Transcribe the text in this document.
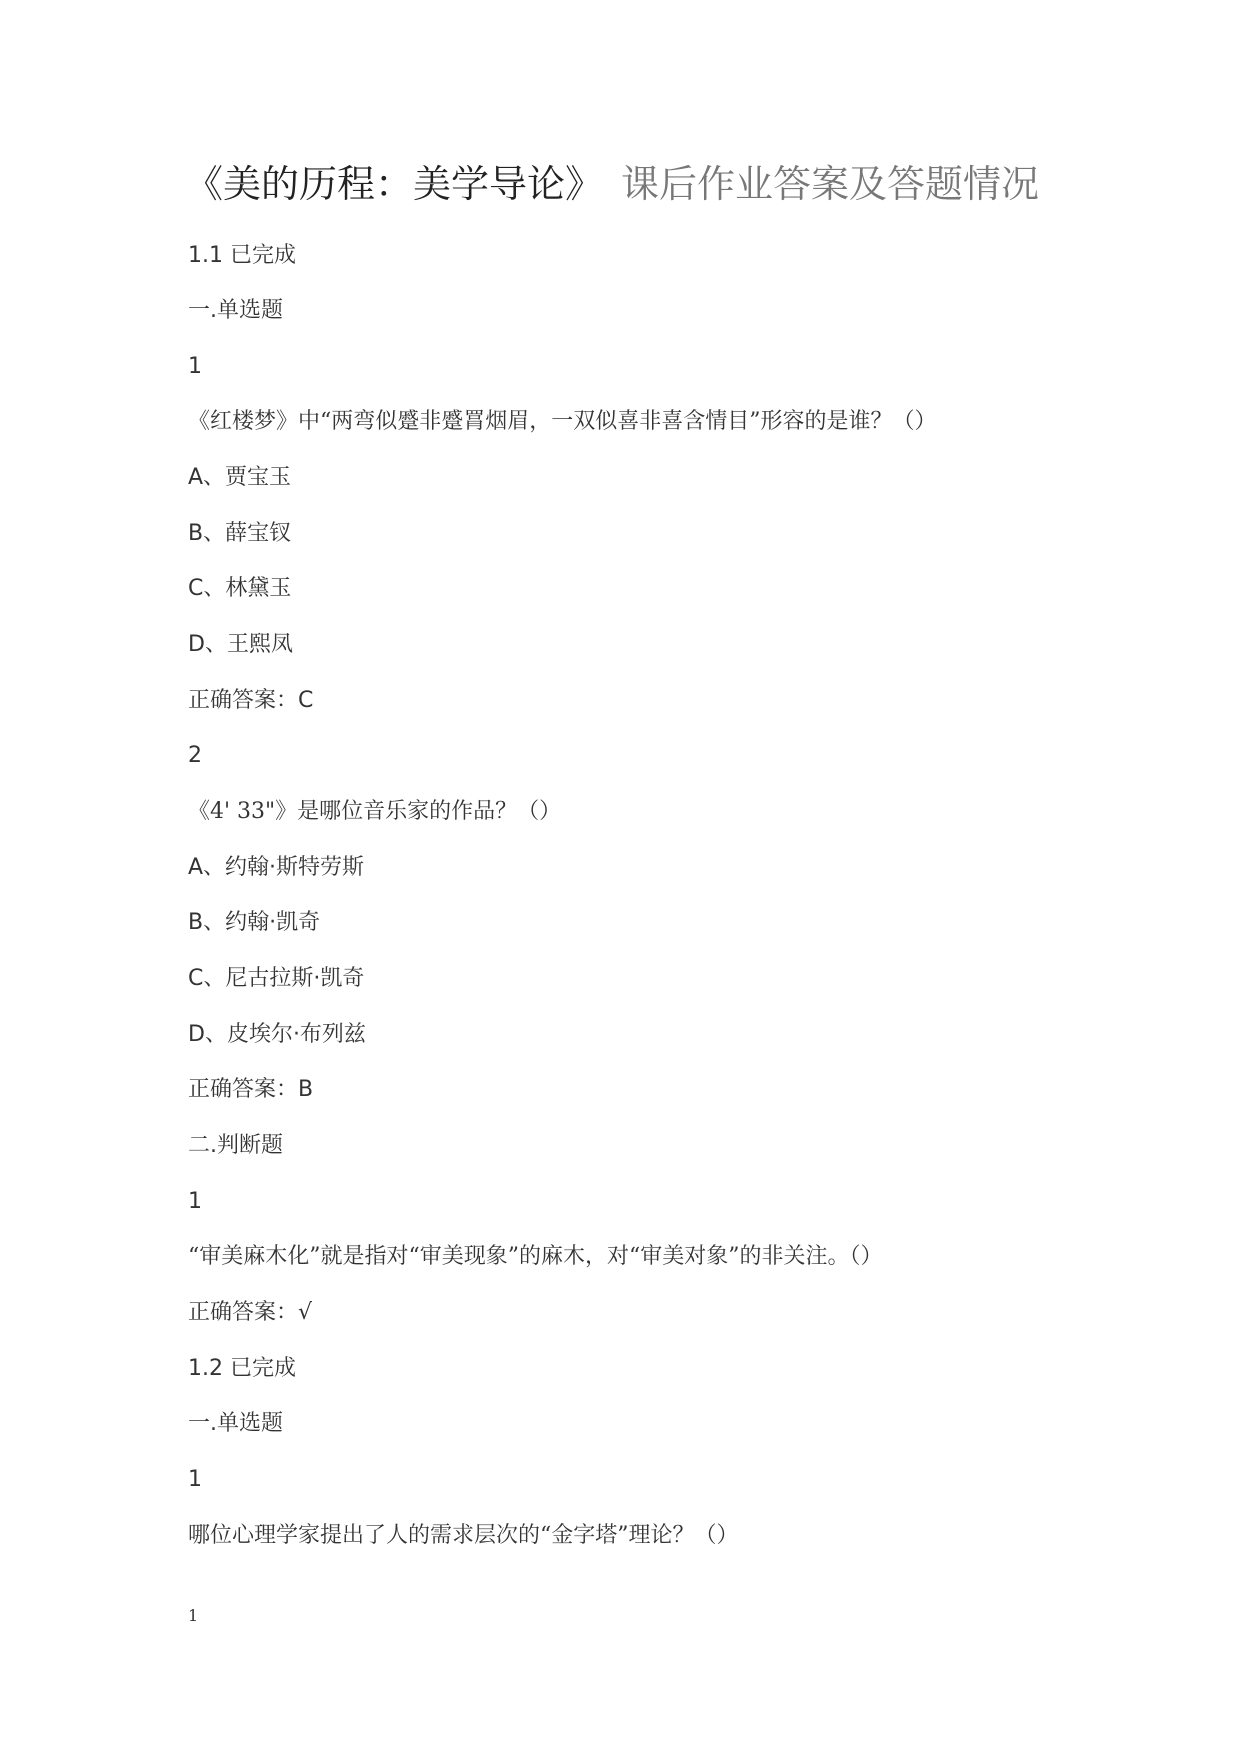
《美的历程：美学导论》 课后作业答案及答题情况
1.1 已完成
一.单选题
1
《红楼梦》中“两弯似蹙非蹙罥烟眉，一双似喜非喜含情目”形容的是谁？（）
A、贾宝玉
B、薛宝钗
C、林黛玉
D、王熙凤
正确答案：C
2
《4' 33"》是哪位音乐家的作品？（）
A、约翰·斯特劳斯
B、约翰·凯奇
C、尼古拉斯·凯奇
D、皮埃尔·布列兹
正确答案：B
二.判断题
1
“审美麻木化”就是指对“审美现象”的麻木，对“审美对象”的非关注。（）
正确答案：√
1.2 已完成
一.单选题
1
哪位心理学家提出了人的需求层次的“金字塔”理论？（）
1
